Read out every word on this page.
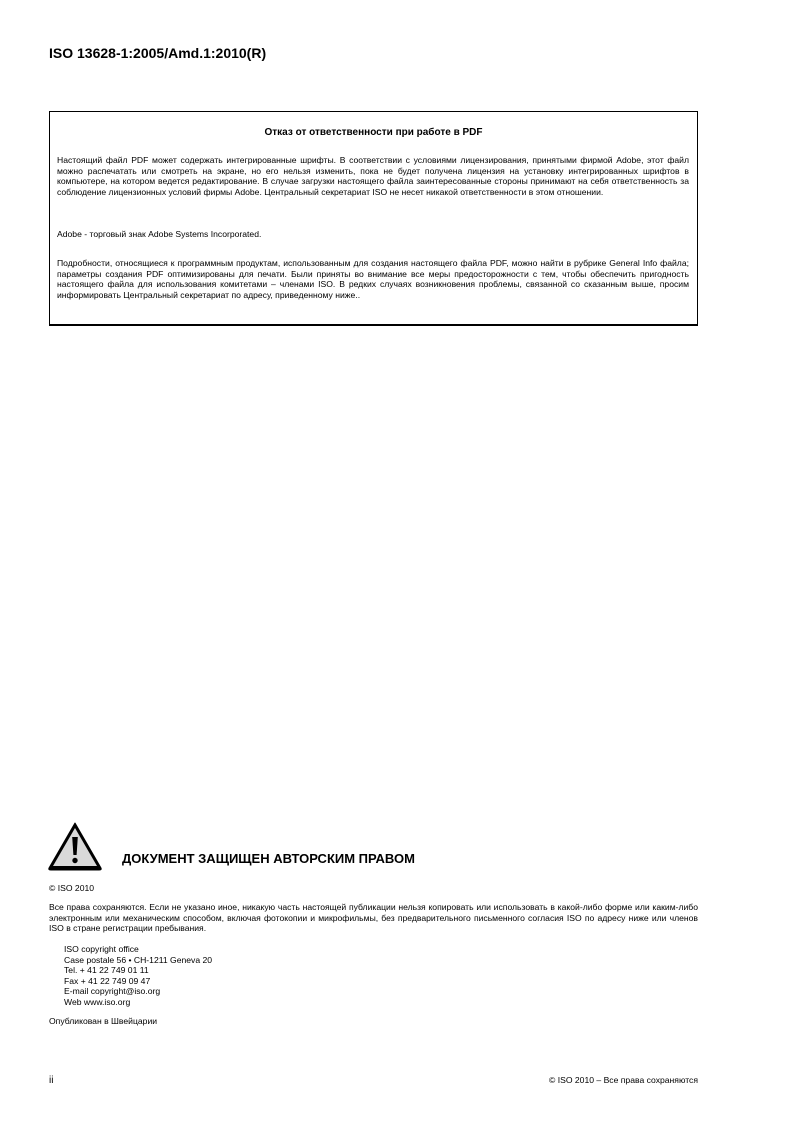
ISO 13628-1:2005/Amd.1:2010(R)
Отказ от ответственности при работе в PDF
Настоящий файл PDF может содержать интегрированные шрифты. В соответствии с условиями лицензирования, принятыми фирмой Adobe, этот файл можно распечатать или смотреть на экране, но его нельзя изменить, пока не будет получена лицензия на установку интегрированных шрифтов в компьютере, на котором ведется редактирование. В случае загрузки настоящего файла заинтересованные стороны принимают на себя ответственность за соблюдение лицензионных условий фирмы Adobe. Центральный секретариат ISO не несет никакой ответственности в этом отношении.
Adobe - торговый знак Adobe Systems Incorporated.
Подробности, относящиеся к программным продуктам, использованным для создания настоящего файла PDF, можно найти в рубрике General Info файла; параметры создания PDF оптимизированы для печати. Были приняты во внимание все меры предосторожности с тем, чтобы обеспечить пригодность настоящего файла для использования комитетами – членами ISO. В редких случаях возникновения проблемы, связанной со сказанным выше, просим информировать Центральный секретариат по адресу, приведенному ниже..
ДОКУМЕНТ ЗАЩИЩЕН АВТОРСКИМ ПРАВОМ
© ISO 2010
Все права сохраняются. Если не указано иное, никакую часть настоящей публикации нельзя копировать или использовать в какой-либо форме или каким-либо электронным или механическим способом, включая фотокопии и микрофильмы, без предварительного письменного согласия ISO по адресу ниже или членов ISO в стране регистрации пребывания.
ISO copyright office
Case postale 56 • CH-1211 Geneva 20
Tel. + 41 22 749 01 11
Fax + 41 22 749 09 47
E-mail copyright@iso.org
Web www.iso.org
Опубликован в Швейцарии
ii	© ISO 2010 – Все права сохраняются
